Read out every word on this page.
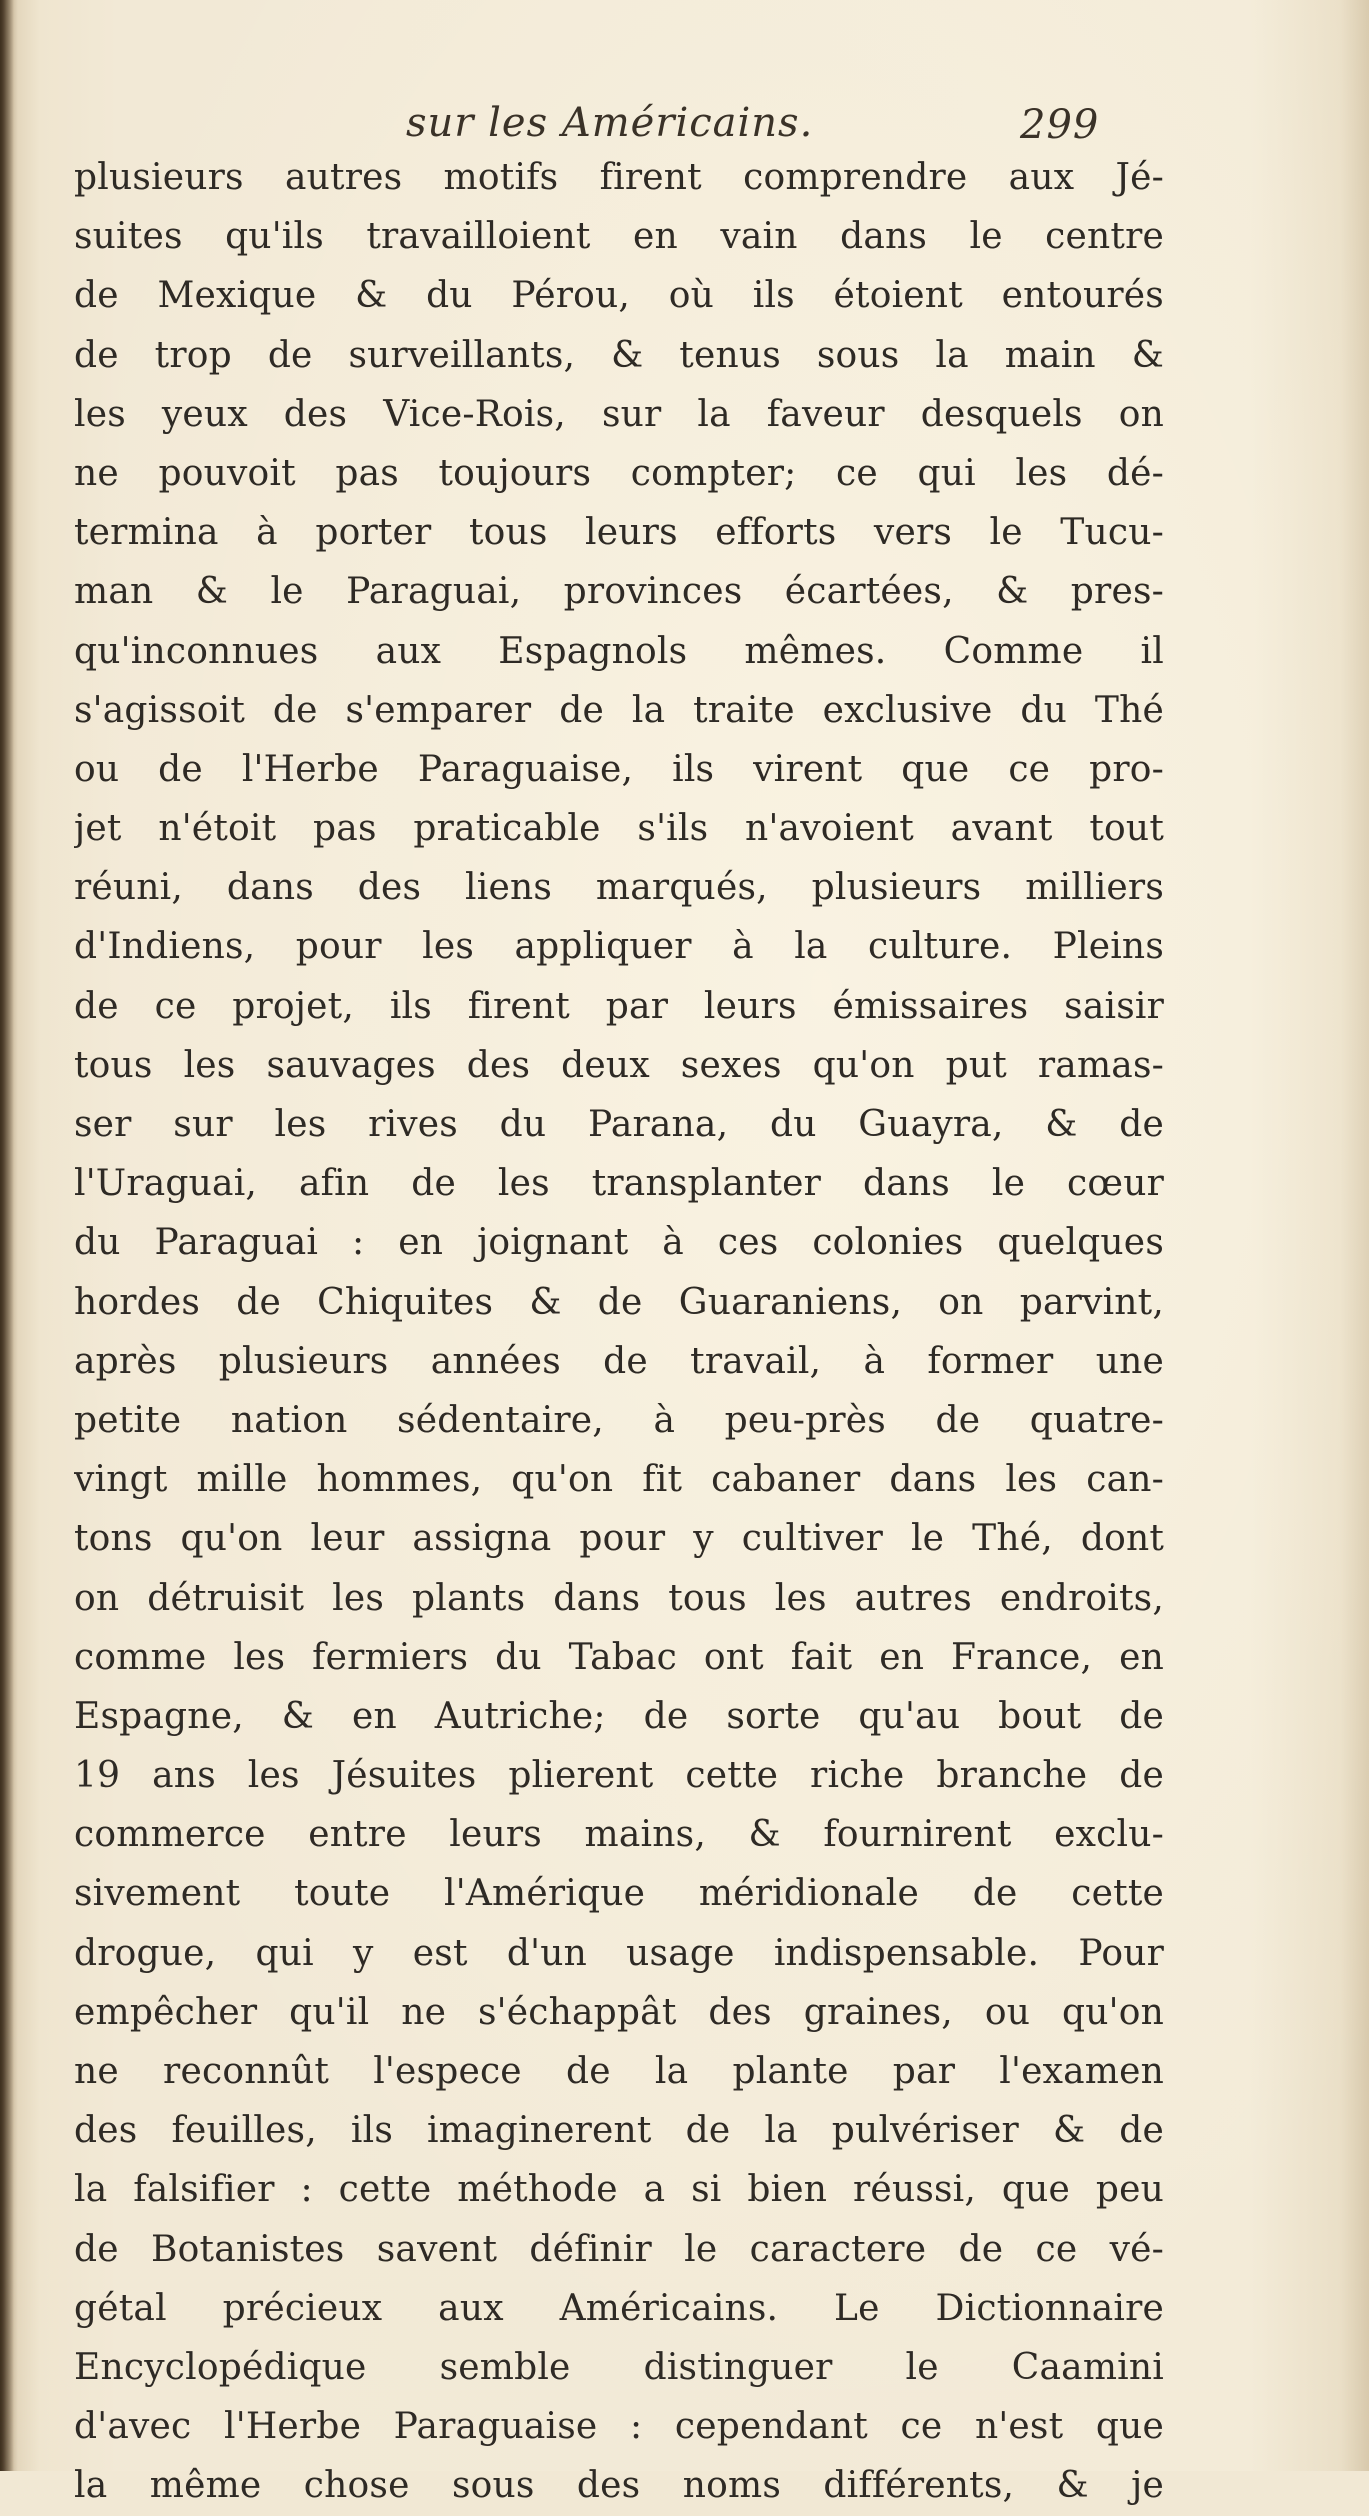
sur les Américains.	299
plusieurs autres motifs firent comprendre aux Jé-
suites qu'ils travailloient en vain dans le centre
de Mexique & du Pérou, où ils étoient entourés
de trop de surveillants, & tenus sous la main &
les yeux des Vice-Rois, sur la faveur desquels on
ne pouvoit pas toujours compter; ce qui les dé-
termina à porter tous leurs efforts vers le Tucu-
man & le Paraguai, provinces écartées, & pres-
qu'inconnues aux Espagnols mêmes. Comme il
s'agissoit de s'emparer de la traite exclusive du Thé
ou de l'Herbe Paraguaise, ils virent que ce pro-
jet n'étoit pas praticable s'ils n'avoient avant tout
réuni, dans des liens marqués, plusieurs milliers
d'Indiens, pour les appliquer à la culture. Pleins
de ce projet, ils firent par leurs émissaires saisir
tous les sauvages des deux sexes qu'on put ramas-
ser sur les rives du Parana, du Guayra, & de
l'Uraguai, afin de les transplanter dans le cœur
du Paraguai : en joignant à ces colonies quelques
hordes de Chiquites & de Guaraniens, on parvint,
après plusieurs années de travail, à former une
petite nation sédentaire, à peu-près de quatre-
vingt mille hommes, qu'on fit cabaner dans les can-
tons qu'on leur assigna pour y cultiver le Thé, dont
on détruisit les plants dans tous les autres endroits,
comme les fermiers du Tabac ont fait en France, en
Espagne, & en Autriche; de sorte qu'au bout de
19 ans les Jésuites plierent cette riche branche de
commerce entre leurs mains, & fournirent exclu-
sivement toute l'Amérique méridionale de cette
drogue, qui y est d'un usage indispensable. Pour
empêcher qu'il ne s'échappât des graines, ou qu'on
ne reconnût l'espece de la plante par l'examen
des feuilles, ils imaginerent de la pulvériser & de
la falsifier : cette méthode a si bien réussi, que peu
de Botanistes savent définir le caractere de ce vé-
gétal précieux aux Américains. Le Dictionnaire
Encyclopédique semble distinguer le Caamini
d'avec l'Herbe Paraguaise : cependant ce n'est que
la même chose sous des noms différents, & je
